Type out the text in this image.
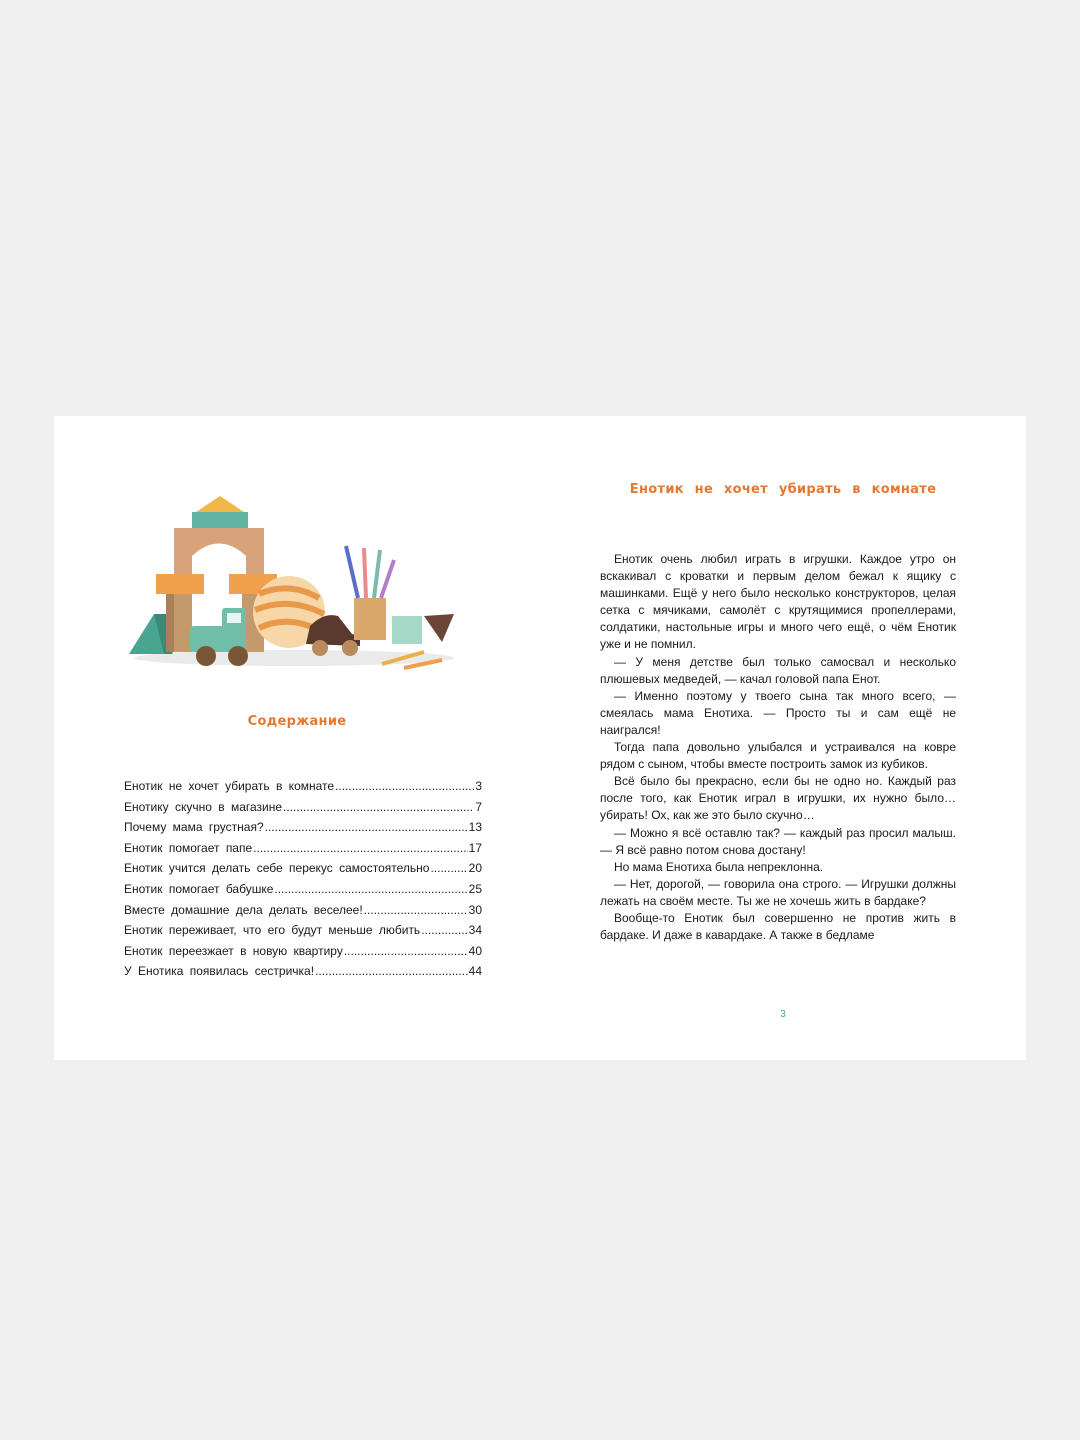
Содержание
Енотик не хочет убирать в комнате .....	3
Енотику скучно в магазине .....	7
Почему мама грустная? .....	13
Енотик помогает папе .....	17
Енотик учится делать себе перекус самостоятельно .....	20
Енотик помогает бабушке .....	25
Вместе домашние дела делать веселее! .....	30
Енотик переживает, что его будут меньше любить .....	34
Енотик переезжает в новую квартиру .....	40
У Енотика появилась сестричка! .....	44
Енотик не хочет убирать в комнате

Енотик очень любил играть в игрушки. Каждое утро он вскакивал с кроватки и первым делом бежал к ящику с машинками. Ещё у него было несколько конструкторов, целая сетка с мячиками, самолёт с крутящимися пропеллерами, солдатики, настольные игры и много чего ещё, о чём Енотик уже и не помнил.

— У меня детстве был только самосвал и несколько плюшевых медведей, — качал головой папа Енот.

— Именно поэтому у твоего сына так много всего, — смеялась мама Енотиха. — Просто ты и сам ещё не наигрался!

Тогда папа довольно улыбался и устраивался на ковре рядом с сыном, чтобы вместе построить замок из кубиков.

Всё было бы прекрасно, если бы не одно но. Каждый раз после того, как Енотик играл в игрушки, их нужно было… убирать! Ох, как же это было скучно…

— Можно я всё оставлю так? — каждый раз просил малыш. — Я всё равно потом снова достану!

Но мама Енотиха была непреклонна.

— Нет, дорогой, — говорила она строго. — Игрушки должны лежать на своём месте. Ты же не хочешь жить в бардаке?

Вообще-то Енотик был совершенно не против жить в бардаке. И даже в кавардаке. А также в бедламе

3
